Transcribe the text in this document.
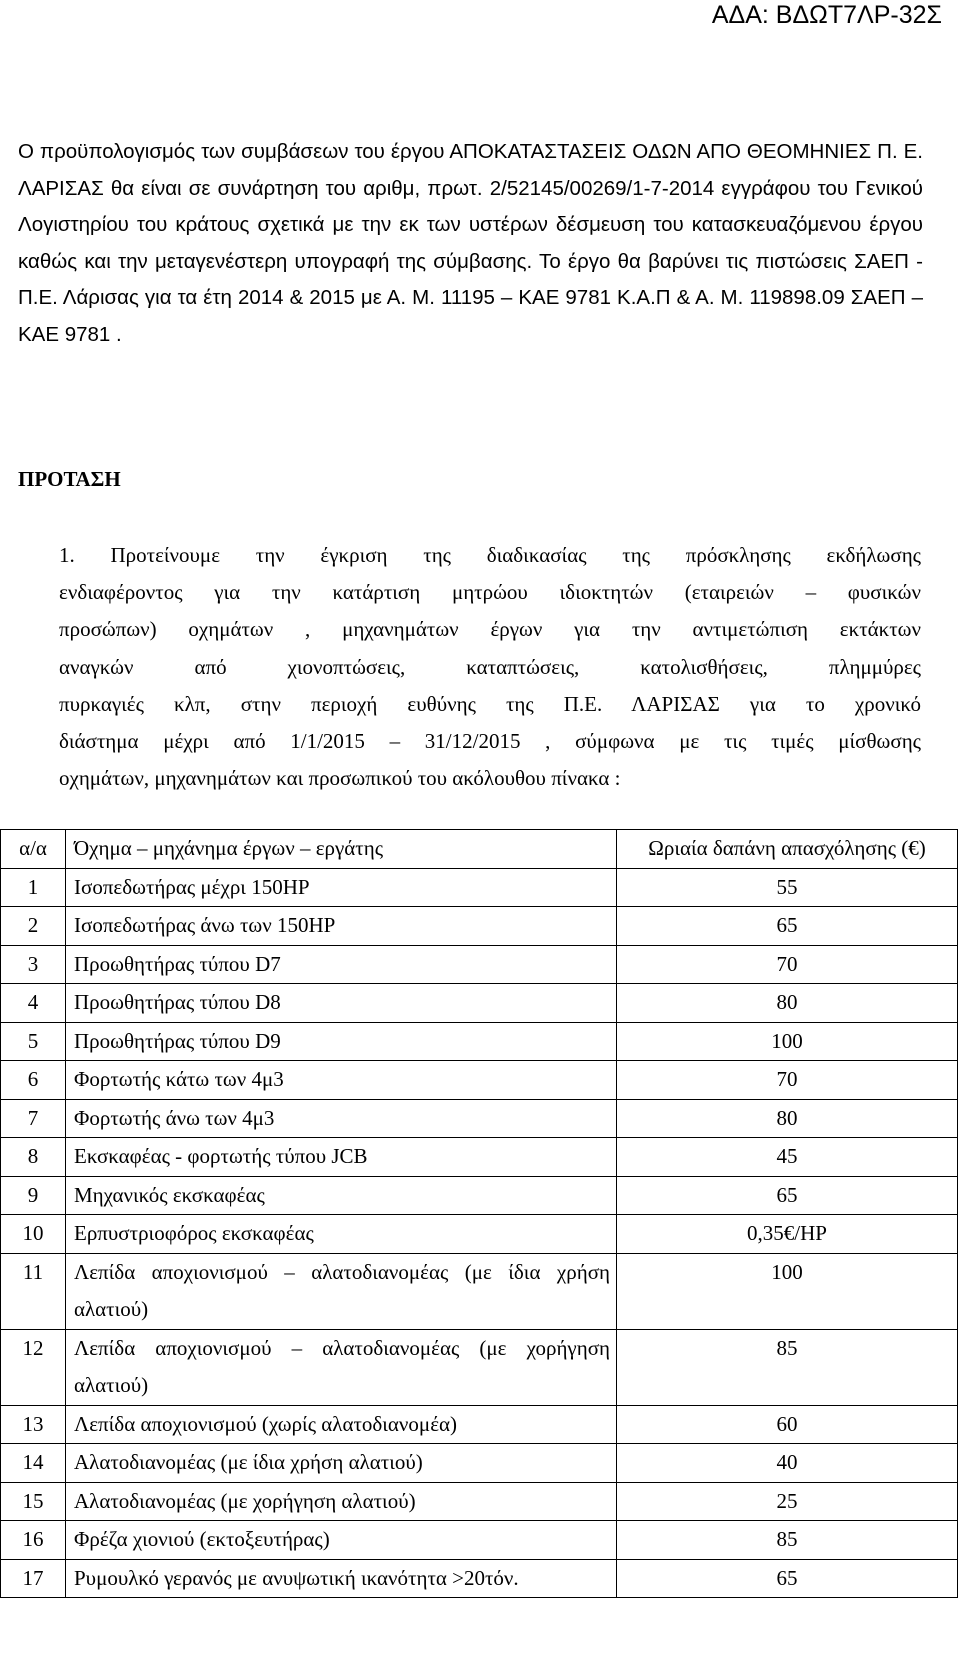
ΑΔΑ: ΒΔΩΤ7ΛΡ-32Σ
Ο προϋπολογισμός των συμβάσεων του έργου ΑΠΟΚΑΤΑΣΤΑΣΕΙΣ ΟΔΩΝ ΑΠΟ ΘΕΟΜΗΝΙΕΣ Π. Ε. ΛΑΡΙΣΑΣ θα είναι σε συνάρτηση του αριθμ, πρωτ. 2/52145/00269/1-7-2014 εγγράφου του Γενικού Λογιστηρίου του κράτους σχετικά με την εκ των υστέρων δέσμευση του κατασκευαζόμενου έργου καθώς και την μεταγενέστερη υπογραφή της σύμβασης. Το έργο θα βαρύνει τις πιστώσεις ΣΑΕΠ - Π.Ε. Λάρισας για τα έτη 2014 & 2015 με Α. Μ. 11195 – ΚΑΕ 9781 Κ.Α.Π & Α. Μ. 119898.09 ΣΑΕΠ – ΚΑΕ 9781 .
ΠΡΟΤΑΣΗ
1. Προτείνουμε την έγκριση της διαδικασίας της πρόσκλησης εκδήλωσης
ενδιαφέροντος για την κατάρτιση μητρώου ιδιοκτητών (εταιρειών – φυσικών
προσώπων) οχημάτων , μηχανημάτων έργων για την αντιμετώπιση εκτάκτων
αναγκών από χιονοπτώσεις, καταπτώσεις, κατολισθήσεις, πλημμύρες
πυρκαγιές κλπ, στην περιοχή ευθύνης της Π.Ε. ΛΑΡΙΣΑΣ για το χρονικό
διάστημα μέχρι από 1/1/2015 – 31/12/2015 , σύμφωνα με τις τιμές μίσθωσης
οχημάτων, μηχανημάτων και προσωπικού του ακόλουθου πίνακα :
α/α	Όχημα – μηχάνημα έργων – εργάτης	Ωριαία δαπάνη απασχόλησης (€)
1	Ισοπεδωτήρας μέχρι 150HP	55
2	Ισοπεδωτήρας άνω των 150HP	65
3	Προωθητήρας τύπου D7	70
4	Προωθητήρας τύπου D8	80
5	Προωθητήρας τύπου D9	100
6	Φορτωτής κάτω των 4μ3	70
7	Φορτωτής άνω των 4μ3	80
8	Εκσκαφέας - φορτωτής τύπου JCB	45
9	Μηχανικός εκσκαφέας	65
10	Ερπυστριοφόρος εκσκαφέας	0,35€/HP
11	Λεπίδα αποχιονισμού – αλατοδιανομέας (με ίδια χρήση αλατιού)	100
12	Λεπίδα αποχιονισμού – αλατοδιανομέας (με χορήγηση αλατιού)	85
13	Λεπίδα αποχιονισμού (χωρίς αλατοδιανομέα)	60
14	Αλατοδιανομέας (με ίδια χρήση αλατιού)	40
15	Αλατοδιανομέας (με χορήγηση αλατιού)	25
16	Φρέζα χιονιού (εκτοξευτήρας)	85
17	Ρυμουλκό γερανός με ανυψωτική ικανότητα >20τόν.	65
